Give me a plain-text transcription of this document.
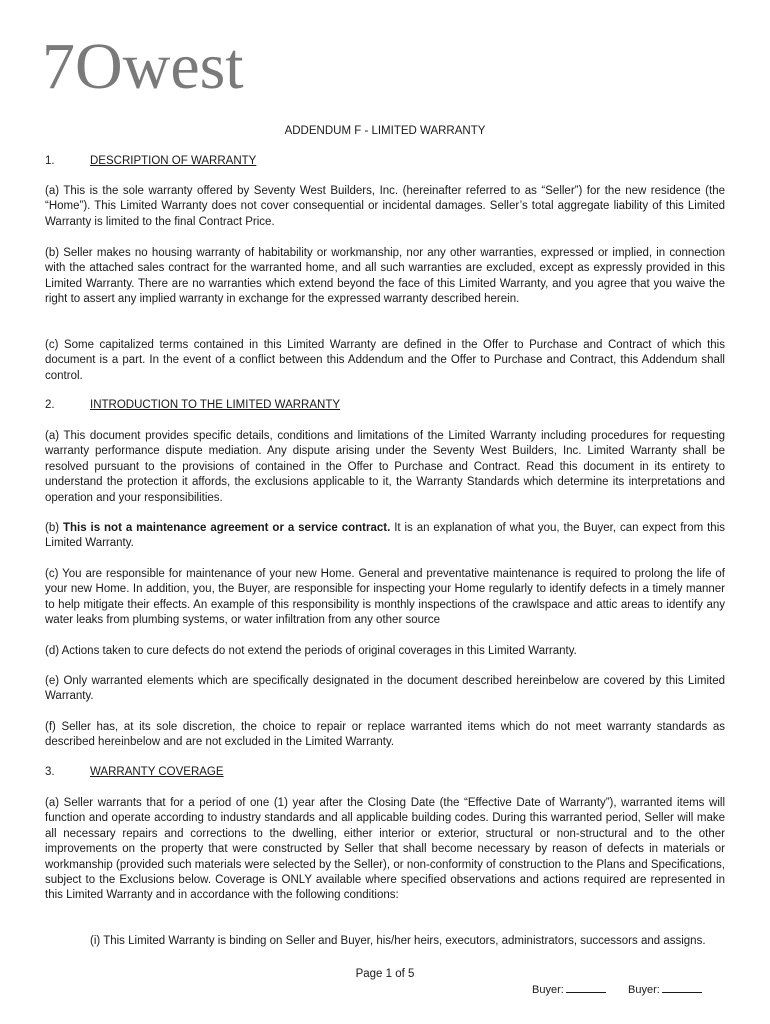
7Owest
ADDENDUM F - LIMITED WARRANTY
1.	DESCRIPTION OF WARRANTY
(a) This is the sole warranty offered by Seventy West Builders, Inc. (hereinafter referred to as “Seller”) for the new residence (the “Home”). This Limited Warranty does not cover consequential or incidental damages. Seller’s total aggregate liability of this Limited Warranty is limited to the final Contract Price.
(b) Seller makes no housing warranty of habitability or workmanship, nor any other warranties, expressed or implied, in connection with the attached sales contract for the warranted home, and all such warranties are excluded, except as expressly provided in this Limited Warranty. There are no warranties which extend beyond the face of this Limited Warranty, and you agree that you waive the right to assert any implied warranty in exchange for the expressed warranty described herein.
(c) Some capitalized terms contained in this Limited Warranty are defined in the Offer to Purchase and Contract of which this document is a part. In the event of a conflict between this Addendum and the Offer to Purchase and Contract, this Addendum shall control.
2.	INTRODUCTION TO THE LIMITED WARRANTY
(a) This document provides specific details, conditions and limitations of the Limited Warranty including procedures for requesting warranty performance dispute mediation. Any dispute arising under the Seventy West Builders, Inc. Limited Warranty shall be resolved pursuant to the provisions of contained in the Offer to Purchase and Contract. Read this document in its entirety to understand the protection it affords, the exclusions applicable to it, the Warranty Standards which determine its interpretations and operation and your responsibilities.
(b) This is not a maintenance agreement or a service contract. It is an explanation of what you, the Buyer, can expect from this Limited Warranty.
(c) You are responsible for maintenance of your new Home. General and preventative maintenance is required to prolong the life of your new Home. In addition, you, the Buyer, are responsible for inspecting your Home regularly to identify defects in a timely manner to help mitigate their effects. An example of this responsibility is monthly inspections of the crawlspace and attic areas to identify any water leaks from plumbing systems, or water infiltration from any other source
(d) Actions taken to cure defects do not extend the periods of original coverages in this Limited Warranty.
(e) Only warranted elements which are specifically designated in the document described hereinbelow are covered by this Limited Warranty.
(f) Seller has, at its sole discretion, the choice to repair or replace warranted items which do not meet warranty standards as described hereinbelow and are not excluded in the Limited Warranty.
3.	WARRANTY COVERAGE
(a) Seller warrants that for a period of one (1) year after the Closing Date (the “Effective Date of Warranty”), warranted items will function and operate according to industry standards and all applicable building codes. During this warranted period, Seller will make all necessary repairs and corrections to the dwelling, either interior or exterior, structural or non-structural and to the other improvements on the property that were constructed by Seller that shall become necessary by reason of defects in materials or workmanship (provided such materials were selected by the Seller), or non-conformity of construction to the Plans and Specifications, subject to the Exclusions below. Coverage is ONLY available where specified observations and actions required are represented in this Limited Warranty and in accordance with the following conditions:
(i) This Limited Warranty is binding on Seller and Buyer, his/her heirs, executors, administrators, successors and assigns.
Page 1 of 5
Buyer:	Buyer:
